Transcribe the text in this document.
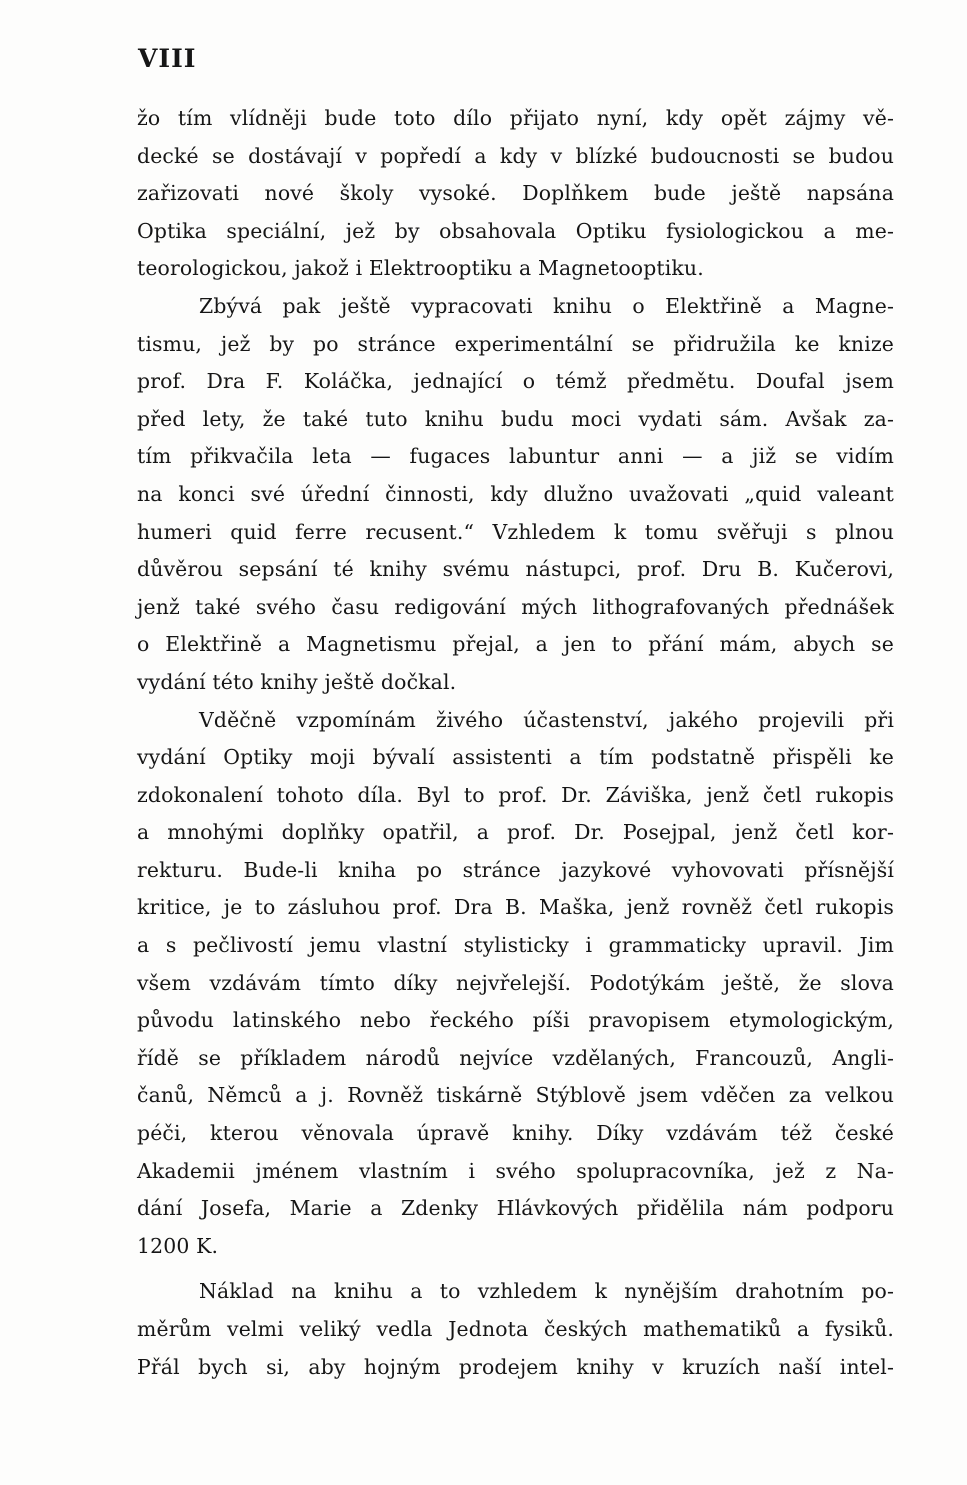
VIII
žo tím vlídněji bude toto dílo přijato nyní, kdy opět zájmy vě-
decké se dostávají v popředí a kdy v blízké budoucnosti se budou
zařizovati nové školy vysoké. Doplňkem bude ještě napsána
Optika speciální, jež by obsahovala Optiku fysiologickou a me-
teorologickou, jakož i Elektrooptiku a Magnetooptiku.
Zbývá pak ještě vypracovati knihu o Elektřině a Magne-
tismu, jež by po stránce experimentální se přidružila ke knize
prof. Dra F. Koláčka, jednající o témž předmětu. Doufal jsem
před lety, že také tuto knihu budu moci vydati sám. Avšak za-
tím přikvačila leta — fugaces labuntur anni — a již se vidím
na konci své úřední činnosti, kdy dlužno uvažovati „quid valeant
humeri quid ferre recusent.“ Vzhledem k tomu svěřuji s plnou
důvěrou sepsání té knihy svému nástupci, prof. Dru B. Kučerovi,
jenž také svého času redigování mých lithografovaných přednášek
o Elektřině a Magnetismu přejal, a jen to přání mám, abych se
vydání této knihy ještě dočkal.
Vděčně vzpomínám živého účastenství, jakého projevili při
vydání Optiky moji bývalí assistenti a tím podstatně přispěli ke
zdokonalení tohoto díla. Byl to prof. Dr. Záviška, jenž četl rukopis
a mnohými doplňky opatřil, a prof. Dr. Posejpal, jenž četl kor-
rekturu. Bude-li kniha po stránce jazykové vyhovovati přísnější
kritice, je to zásluhou prof. Dra B. Maška, jenž rovněž četl rukopis
a s pečlivostí jemu vlastní stylisticky i grammaticky upravil. Jim
všem vzdávám tímto díky nejvřelejší. Podotýkám ještě, že slova
původu latinského nebo řeckého píši pravopisem etymologickým,
řídě se příkladem národů nejvíce vzdělaných, Francouzů, Angli-
čanů, Němců a j. Rovněž tiskárně Stýblově jsem vděčen za velkou
péči, kterou věnovala úpravě knihy. Díky vzdávám též české
Akademii jménem vlastním i svého spolupracovníka, jež z Na-
dání Josefa, Marie a Zdenky Hlávkových přidělila nám podporu
1200 K.
Náklad na knihu a to vzhledem k nynějším drahotním po-
měrům velmi veliký vedla Jednota českých mathematiků a fysiků.
Přál bych si, aby hojným prodejem knihy v kruzích naší intel-
